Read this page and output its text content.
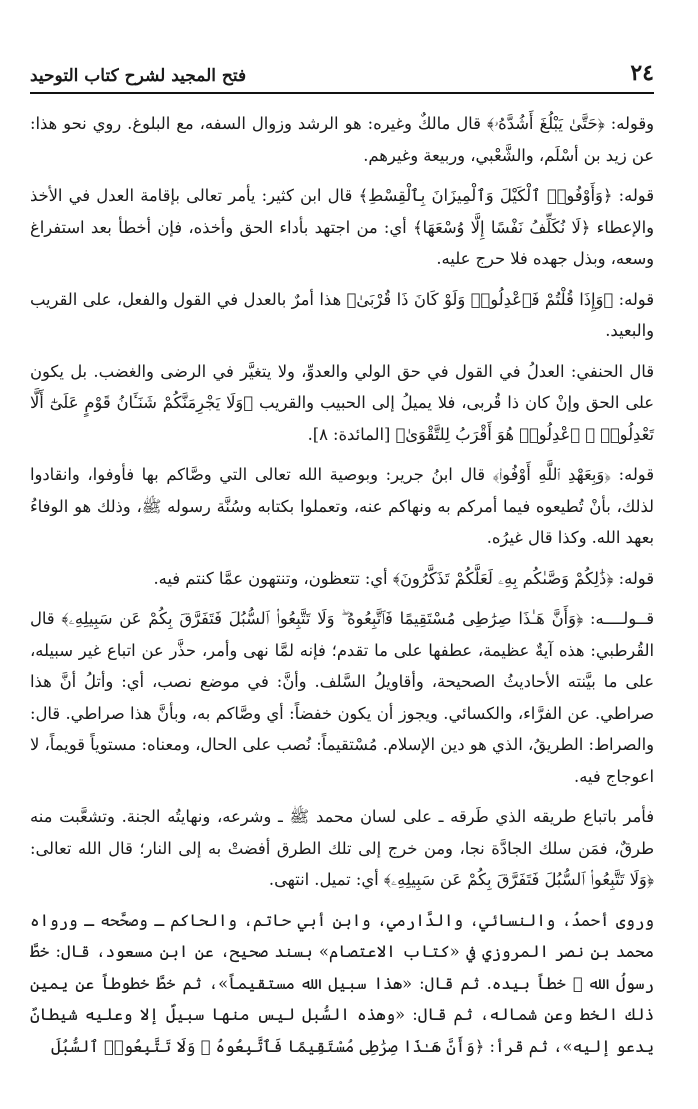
٢٤
فتح المجيد لشرح كتاب التوحيد

وقوله: ﴿حَتَّىٰ يَبْلُغَ أَشُدَّهُۥ﴾ قال مالكٌ وغيره: هو الرشد وزوال السفه، مع البلوغ. روي نحو هذا: عن زيد بن أسْلَم، والشَّعْبي، وربيعة وغيرهم.

قوله: ﴿وَأَوْفُوا۟ ٱلْكَيْلَ وَٱلْمِيزَانَ بِٱلْقِسْطِ﴾ قال ابن كثير: يأمر تعالى بإقامة العدل في الأخذ والإعطاء ﴿لَا نُكَلِّفُ نَفْسًا إِلَّا وُسْعَهَا﴾ أي: من اجتهد بأداء الحق وأخذه، فإن أخطأ بعد استفراغ وسعه، وبذل جهده فلا حرج عليه.

قوله: ﴿وَإِذَا قُلْتُمْ فَٱعْدِلُوا۟ وَلَوْ كَانَ ذَا قُرْبَىٰ﴾ هذا أمرٌ بالعدل في القول والفعل، على القريب والبعيد.

قال الحنفي: العدلُ في القول في حق الولي والعدوِّ، ولا يتغيَّر في الرضى والغضب. بل يكون على الحق وإنْ كان ذا قُربى، فلا يميلُ إلى الحبيب والقريب ﴿وَلَا يَجْرِمَنَّكُمْ شَنَـَٔانُ قَوْمٍ عَلَىٰٓ أَلَّا تَعْدِلُوا۟ ۚ ٱعْدِلُوا۟ هُوَ أَقْرَبُ لِلتَّقْوَىٰ﴾ [المائدة: ٨].

قوله: ﴿وَبِعَهْدِ ٱللَّهِ أَوْفُوا۟﴾ قال ابنُ جرير: وبوصية الله تعالى التي وصَّاكم بها فأوفوا، وانقادوا لذلك، بأنْ تُطيعوه فيما أمركم به ونهاكم عنه، وتعملوا بكتابه وسُنَّة رسوله ﷺ، وذلك هو الوفاءُ بعهد الله. وكذا قال غيرُه.

قوله: ﴿ذَٰلِكُمْ وَصَّىٰكُم بِهِۦ لَعَلَّكُمْ تَذَكَّرُونَ﴾ أي: تتعظون، وتنتهون عمَّا كنتم فيه.

قــولــــه: ﴿وَأَنَّ هَـٰذَا صِرَٰطِى مُسْتَقِيمًا فَٱتَّبِعُوهُ ۖ وَلَا تَتَّبِعُوا۟ ٱلسُّبُلَ فَتَفَرَّقَ بِكُمْ عَن سَبِيلِهِۦ﴾ قال القُرطبي: هذه آيةٌ عظيمة، عطفها على ما تقدم؛ فإنه لمَّا نهى وأمر، حذَّر عن اتباع غير سبيله، على ما بيَّنته الأحاديثُ الصحيحة، وأقاويلُ السَّلف. وأنَّ: في موضع نصب، أي: وأتلُ أنَّ هذا صراطي. عن الفرَّاء، والكسائي. ويجوز أن يكون خفضاً: أي وصَّاكم به، وبأنَّ هذا صراطي. قال: والصراط: الطريقُ، الذي هو دين الإسلام. مُسْتقيماً: نُصب على الحال، ومعناه: مستوياً قويماً، لا اعوجاج فيه.

فأمر باتباع طريقه الذي طَرقه ـ على لسان محمد ﷺ ـ وشرعه، ونهايتُه الجنة. وتشعَّبت منه طرقٌ، فمَن سلك الجادَّة نجا، ومن خرج إلى تلك الطرق أفضتْ به إلى النار؛ قال الله تعالى: ﴿وَلَا تَتَّبِعُوا۟ ٱلسُّبُلَ فَتَفَرَّقَ بِكُمْ عَن سَبِيلِهِۦ﴾ أي: تميل. انتهى.

وروى أحمدُ، والنسائي، والدَّارمي، وابن أبي حاتم، والحاكم ـ وصحَّحه ـ ورواه محمد بن نصر المروزي في «كتاب الاعتصام» بسند صحيح، عن ابن مسعود، قال: خطَّ رسولُ الله ﷺ خطاً بيده. ثم قال: «هذا سبيل الله مستقيماً»، ثم خطَّ خطوطاً عن يمين ذلك الخط وعن شماله، ثم قال: «وهذه السُّبل ليس منها سبيلٌ إلا وعليه شيطانٌ يدعو إليه»، ثم قرأ: ﴿وَأَنَّ هَـٰذَا صِرَٰطِى مُسْتَقِيمًا فَٱتَّبِعُوهُ ۖ وَلَا تَتَّبِعُوا۟ ٱلسُّبُلَ
